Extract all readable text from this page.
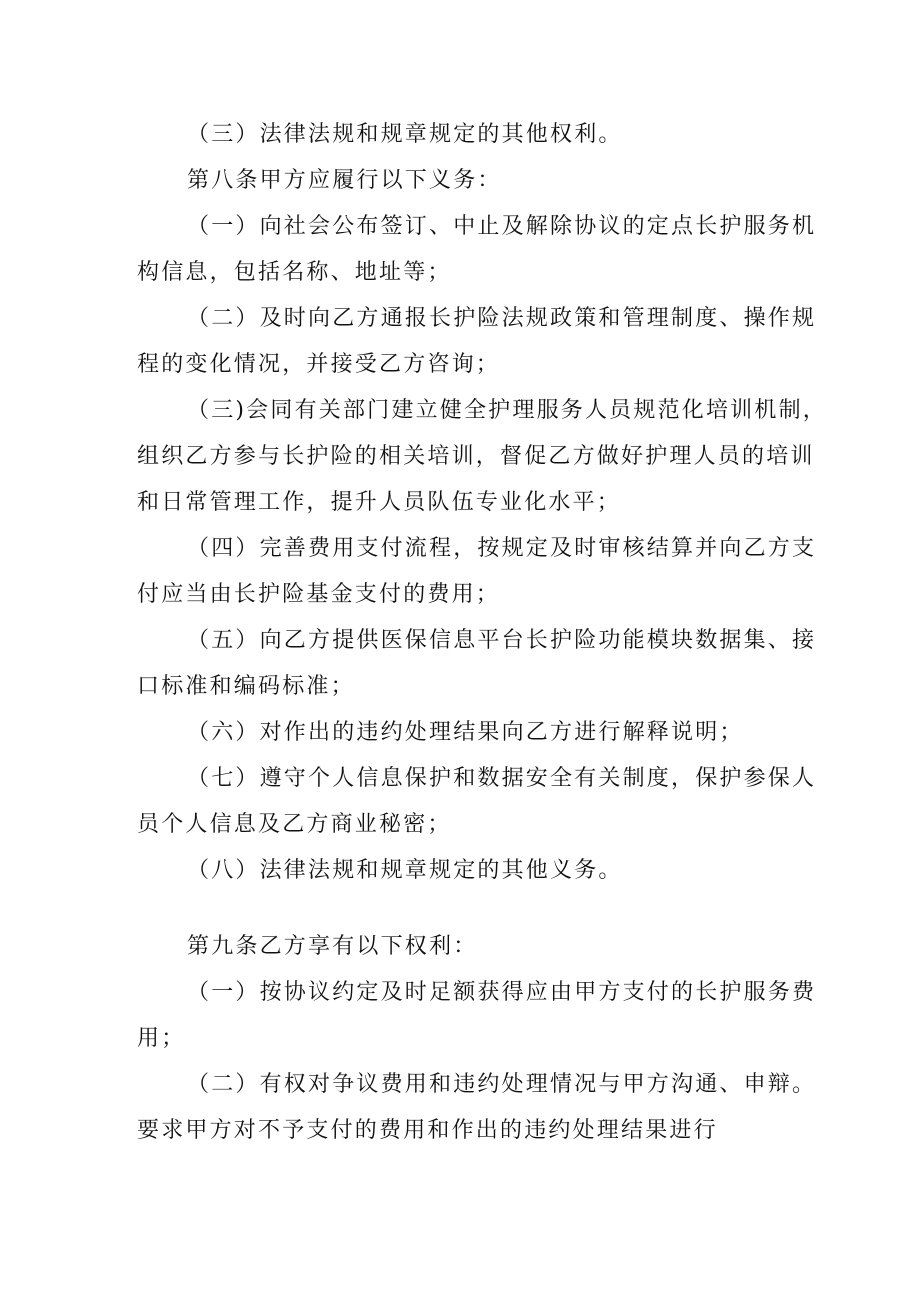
（三）法律法规和规章规定的其他权利。
第八条甲方应履行以下义务：
（一）向社会公布签订、中止及解除协议的定点长护服务机
构信息，包括名称、地址等；
（二）及时向乙方通报长护险法规政策和管理制度、操作规
程的变化情况，并接受乙方咨询；
（三)会同有关部门建立健全护理服务人员规范化培训机制，
组织乙方参与长护险的相关培训，督促乙方做好护理人员的培训
和日常管理工作，提升人员队伍专业化水平；
（四）完善费用支付流程，按规定及时审核结算并向乙方支
付应当由长护险基金支付的费用；
（五）向乙方提供医保信息平台长护险功能模块数据集、接
口标准和编码标准；
（六）对作出的违约处理结果向乙方进行解释说明；
（七）遵守个人信息保护和数据安全有关制度，保护参保人
员个人信息及乙方商业秘密；
（八）法律法规和规章规定的其他义务。
第九条乙方享有以下权利：
（一）按协议约定及时足额获得应由甲方支付的长护服务费
用；
（二）有权对争议费用和违约处理情况与甲方沟通、申辩。
要求甲方对不予支付的费用和作出的违约处理结果进行
